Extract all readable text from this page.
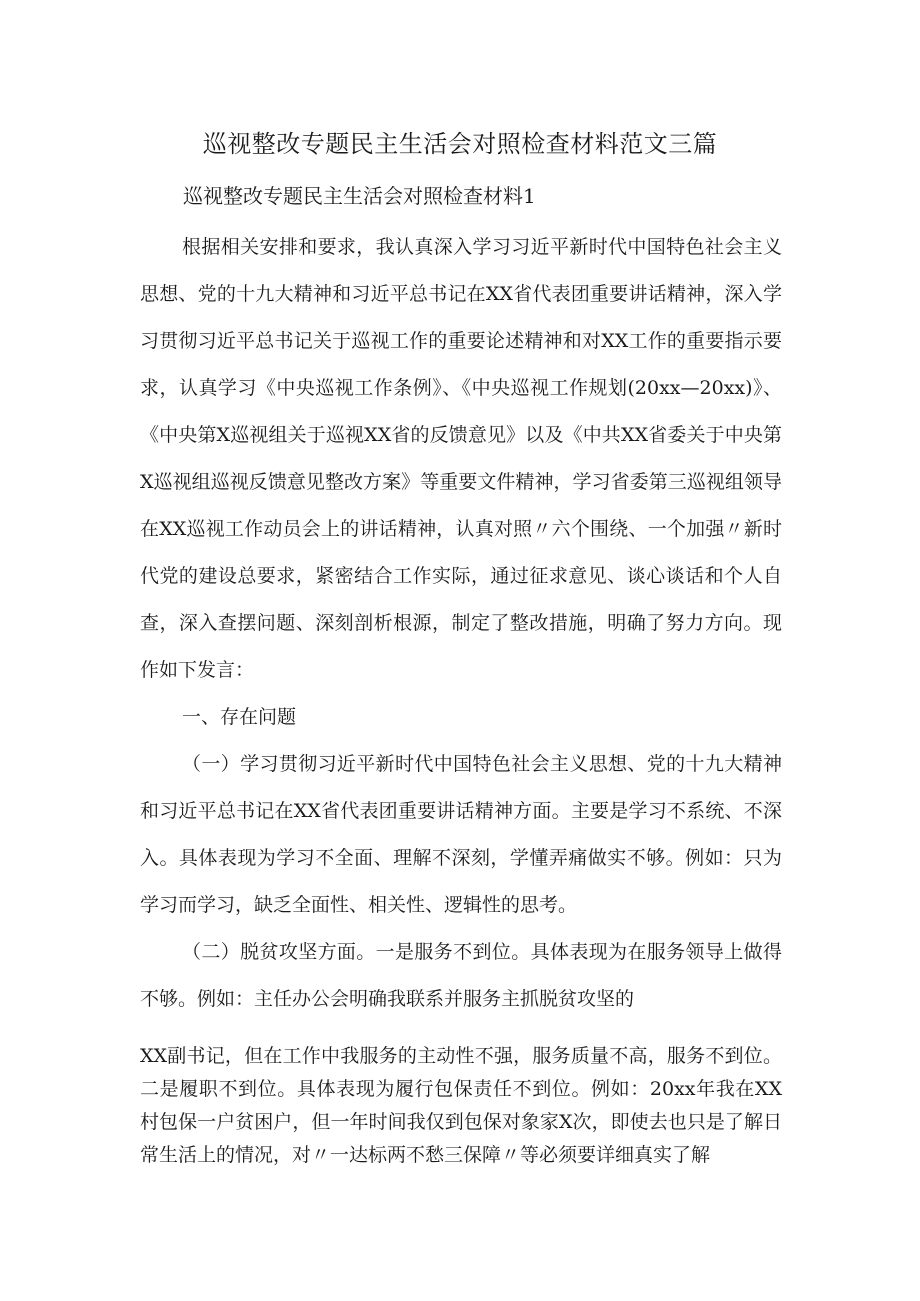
巡视整改专题民主生活会对照检查材料范文三篇

巡视整改专题民主生活会对照检查材料1

根据相关安排和要求，我认真深入学习习近平新时代中国特色社会主义思想、党的十九大精神和习近平总书记在XX省代表团重要讲话精神，深入学习贯彻习近平总书记关于巡视工作的重要论述精神和对XX工作的重要指示要求，认真学习《中央巡视工作条例》、《中央巡视工作规划(20xx—20xx)》、《中央第X巡视组关于巡视XX省的反馈意见》以及《中共XX省委关于中央第X巡视组巡视反馈意见整改方案》等重要文件精神，学习省委第三巡视组领导在XX巡视工作动员会上的讲话精神，认真对照〃六个围绕、一个加强〃新时代党的建设总要求，紧密结合工作实际，通过征求意见、谈心谈话和个人自查，深入查摆问题、深刻剖析根源，制定了整改措施，明确了努力方向。现作如下发言：

一、存在问题

（一）学习贯彻习近平新时代中国特色社会主义思想、党的十九大精神和习近平总书记在XX省代表团重要讲话精神方面。主要是学习不系统、不深入。具体表现为学习不全面、理解不深刻，学懂弄痛做实不够。例如：只为学习而学习，缺乏全面性、相关性、逻辑性的思考。

（二）脱贫攻坚方面。一是服务不到位。具体表现为在服务领导上做得不够。例如：主任办公会明确我联系并服务主抓脱贫攻坚的

XX副书记，但在工作中我服务的主动性不强，服务质量不高，服务不到位。二是履职不到位。具体表现为履行包保责任不到位。例如：20xx年我在XX村包保一户贫困户，但一年时间我仅到包保对象家X次，即使去也只是了解日常生活上的情况，对〃一达标两不愁三保障〃等必须要详细真实了解
